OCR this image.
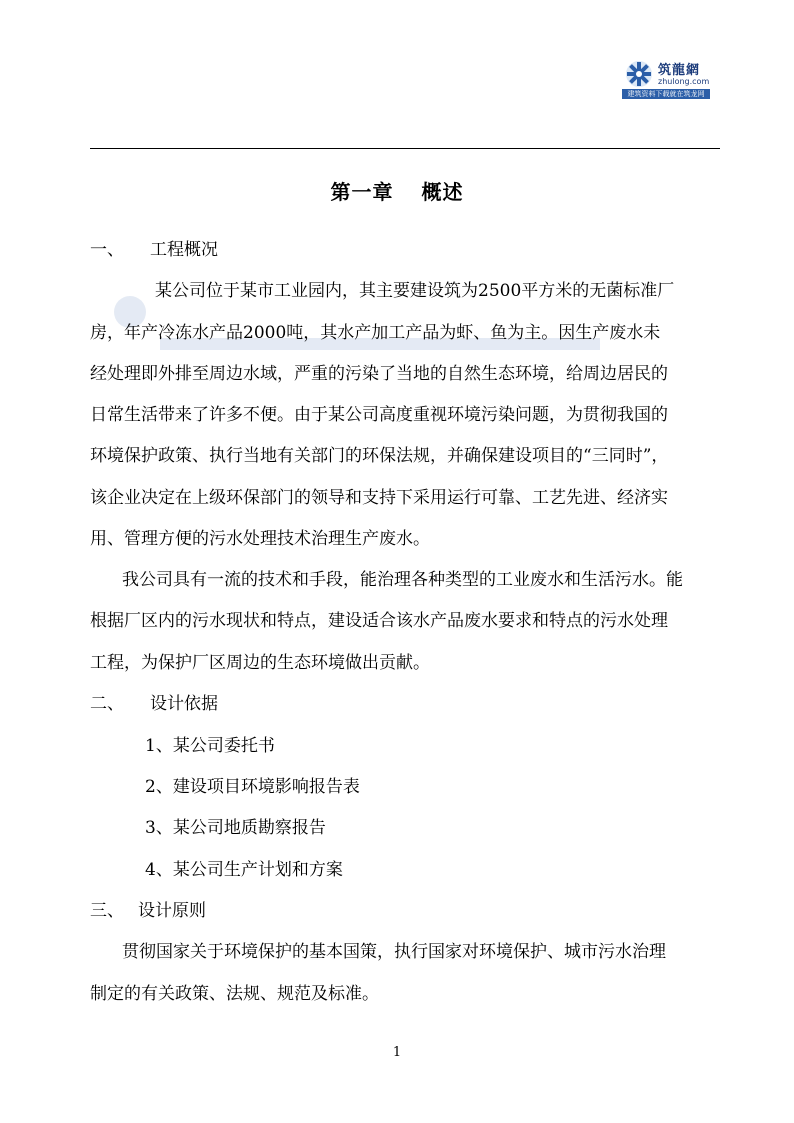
筑龍網
zhulong.com
建筑资料下载就在筑龙网
第一章 概述
一、 工程概况
某公司位于某市工业园内，其主要建设筑为2500平方米的无菌标准厂
房，年产冷冻水产品2000吨，其水产加工产品为虾、鱼为主。因生产废水未
经处理即外排至周边水域，严重的污染了当地的自然生态环境，给周边居民的
日常生活带来了许多不便。由于某公司高度重视环境污染问题，为贯彻我国的
环境保护政策、执行当地有关部门的环保法规，并确保建设项目的“三同时”，
该企业决定在上级环保部门的领导和支持下采用运行可靠、工艺先进、经济实
用、管理方便的污水处理技术治理生产废水。
我公司具有一流的技术和手段，能治理各种类型的工业废水和生活污水。能
根据厂区内的污水现状和特点，建设适合该水产品废水要求和特点的污水处理
工程，为保护厂区周边的生态环境做出贡献。
二、 设计依据
1、某公司委托书
2、建设项目环境影响报告表
3、某公司地质勘察报告
4、某公司生产计划和方案
三、 设计原则
贯彻国家关于环境保护的基本国策，执行国家对环境保护、城市污水治理
制定的有关政策、法规、规范及标准。
1
